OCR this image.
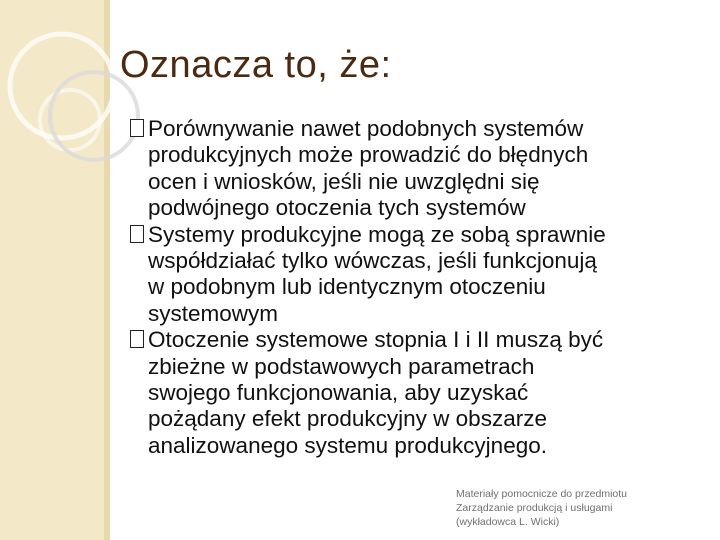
Oznacza to, że:
Porównywanie nawet podobnych systemów
produkcyjnych może prowadzić do błędnych
ocen i wniosków, jeśli nie uwzględni się
podwójnego otoczenia tych systemów
Systemy produkcyjne mogą ze sobą sprawnie
współdziałać tylko wówczas, jeśli funkcjonują
w podobnym lub identycznym otoczeniu
systemowym
Otoczenie systemowe stopnia I i II muszą być
zbieżne w podstawowych parametrach
swojego funkcjonowania, aby uzyskać
pożądany efekt produkcyjny w obszarze
analizowanego systemu produkcyjnego.
Materiały pomocnicze do przedmiotu
Zarządzanie produkcją i usługami
(wykładowca L. Wicki)
